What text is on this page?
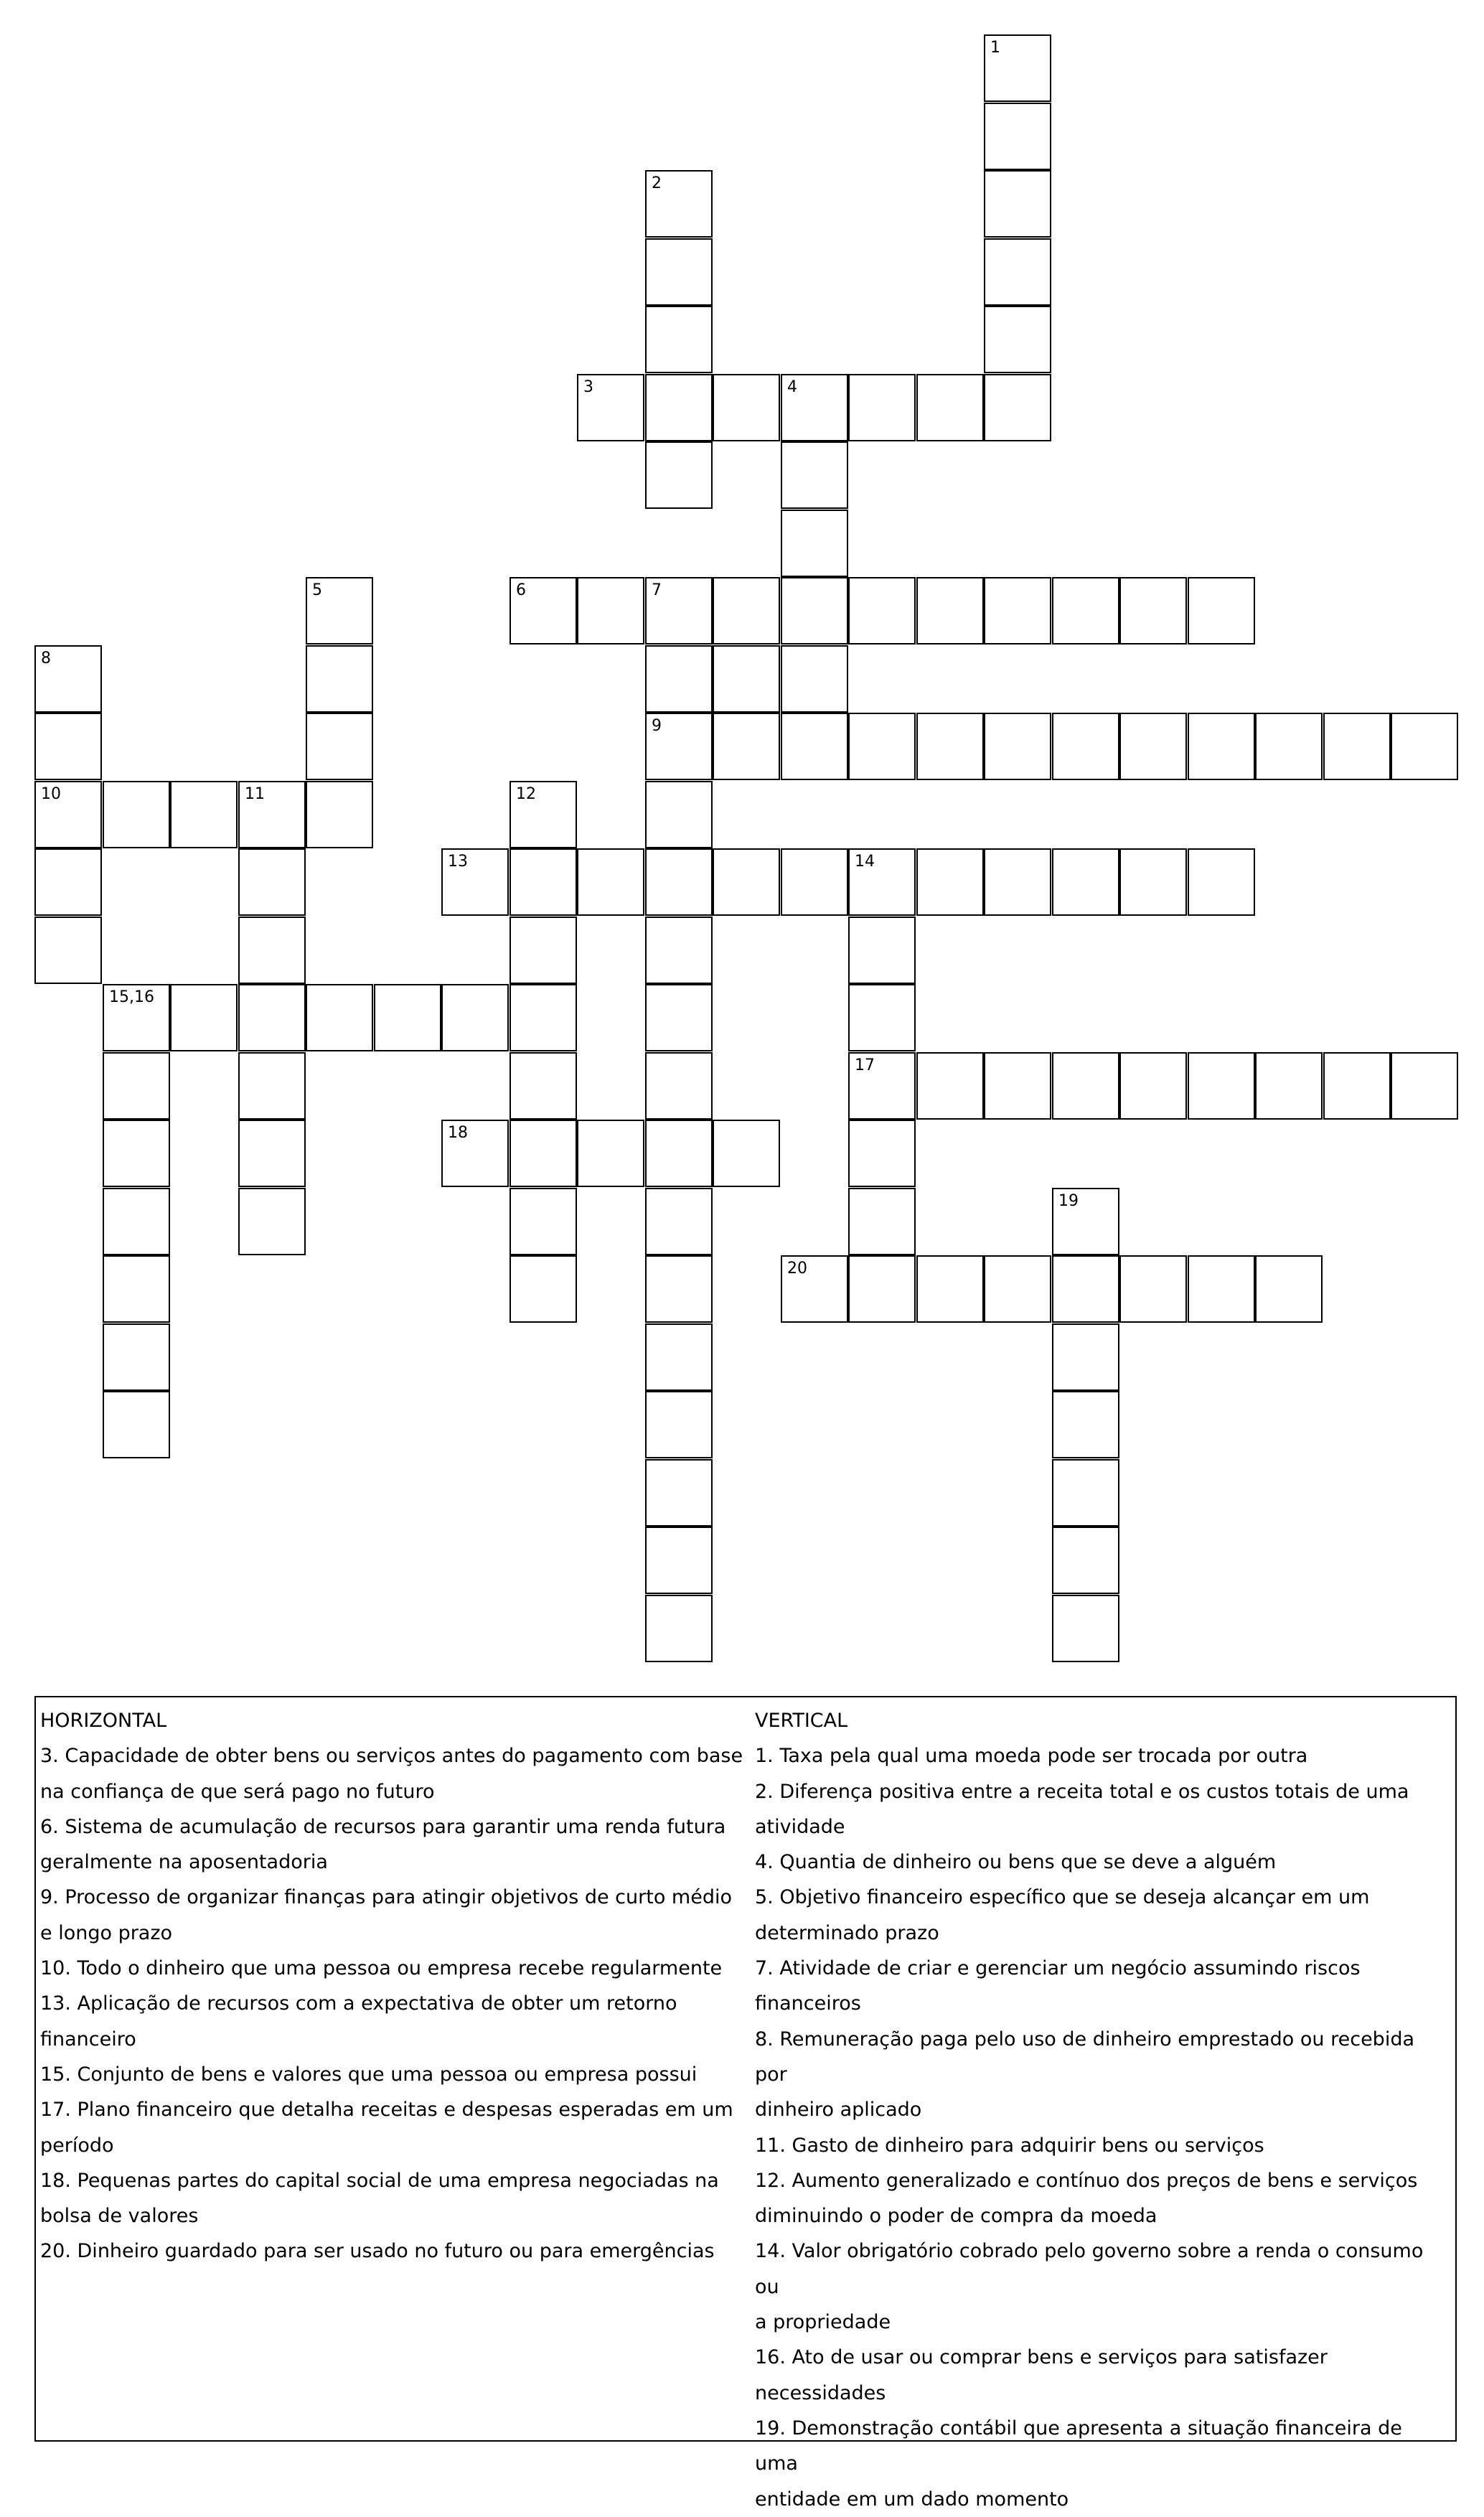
1
2
3	4
5	6	7
8
10
9
11	12
13	14
17
15,16
18
19
20
HORIZONTAL
3. Capacidade de obter bens ou serviços antes do pagamento com base
na confiança de que será pago no futuro
6. Sistema de acumulação de recursos para garantir uma renda futura
geralmente na aposentadoria
9. Processo de organizar finanças para atingir objetivos de curto médio
e longo prazo
10. Todo o dinheiro que uma pessoa ou empresa recebe regularmente
13. Aplicação de recursos com a expectativa de obter um retorno
financeiro
15. Conjunto de bens e valores que uma pessoa ou empresa possui
17. Plano financeiro que detalha receitas e despesas esperadas em um
período
18. Pequenas partes do capital social de uma empresa negociadas na
bolsa de valores
20. Dinheiro guardado para ser usado no futuro ou para emergências
VERTICAL
1. Taxa pela qual uma moeda pode ser trocada por outra
2. Diferença positiva entre a receita total e os custos totais de uma
atividade
4. Quantia de dinheiro ou bens que se deve a alguém
5. Objetivo financeiro específico que se deseja alcançar em um
determinado prazo
7. Atividade de criar e gerenciar um negócio assumindo riscos
financeiros
8. Remuneração paga pelo uso de dinheiro emprestado ou recebida por
dinheiro aplicado
11. Gasto de dinheiro para adquirir bens ou serviços
12. Aumento generalizado e contínuo dos preços de bens e serviços
diminuindo o poder de compra da moeda
14. Valor obrigatório cobrado pelo governo sobre a renda o consumo ou
a propriedade
16. Ato de usar ou comprar bens e serviços para satisfazer
necessidades
19. Demonstração contábil que apresenta a situação financeira de uma
entidade em um dado momento
